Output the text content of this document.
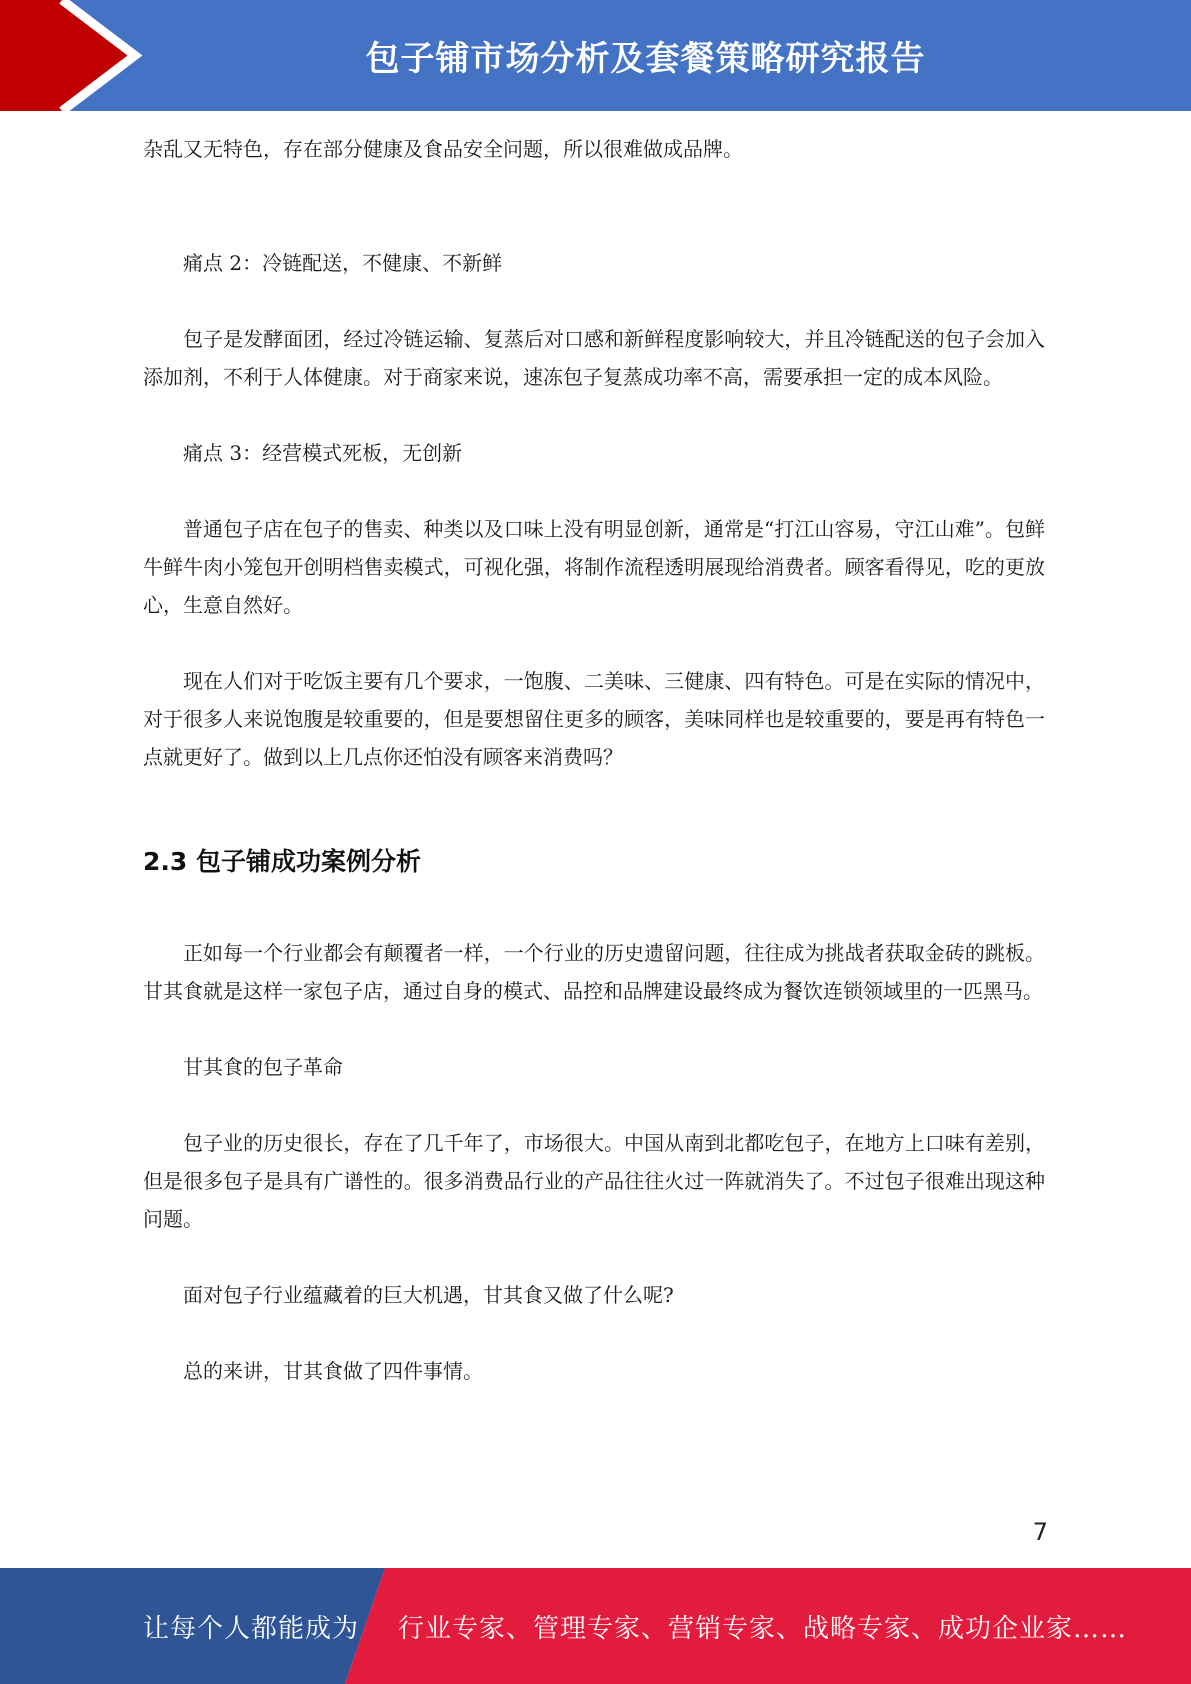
包子铺市场分析及套餐策略研究报告

杂乱又无特色，存在部分健康及食品安全问题，所以很难做成品牌。

痛点 2：冷链配送，不健康、不新鲜

包子是发酵面团，经过冷链运输、复蒸后对口感和新鲜程度影响较大，并且冷链配送的包子会加入添加剂，不利于人体健康。对于商家来说，速冻包子复蒸成功率不高，需要承担一定的成本风险。

痛点 3：经营模式死板，无创新

普通包子店在包子的售卖、种类以及口味上没有明显创新，通常是“打江山容易，守江山难”。包鲜牛鲜牛肉小笼包开创明档售卖模式，可视化强，将制作流程透明展现给消费者。顾客看得见，吃的更放心，生意自然好。

现在人们对于吃饭主要有几个要求，一饱腹、二美味、三健康、四有特色。可是在实际的情况中，对于很多人来说饱腹是较重要的，但是要想留住更多的顾客，美味同样也是较重要的，要是再有特色一点就更好了。做到以上几点你还怕没有顾客来消费吗？

2.3 包子铺成功案例分析

正如每一个行业都会有颠覆者一样，一个行业的历史遗留问题，往往成为挑战者获取金砖的跳板。甘其食就是这样一家包子店，通过自身的模式、品控和品牌建设最终成为餐饮连锁领域里的一匹黑马。

甘其食的包子革命

包子业的历史很长，存在了几千年了，市场很大。中国从南到北都吃包子，在地方上口味有差别，但是很多包子是具有广谱性的。很多消费品行业的产品往往火过一阵就消失了。不过包子很难出现这种问题。

面对包子行业蕴藏着的巨大机遇，甘其食又做了什么呢?

总的来讲，甘其食做了四件事情。

7
让每个人都能成为 行业专家、管理专家、营销专家、战略专家、成功企业家……
